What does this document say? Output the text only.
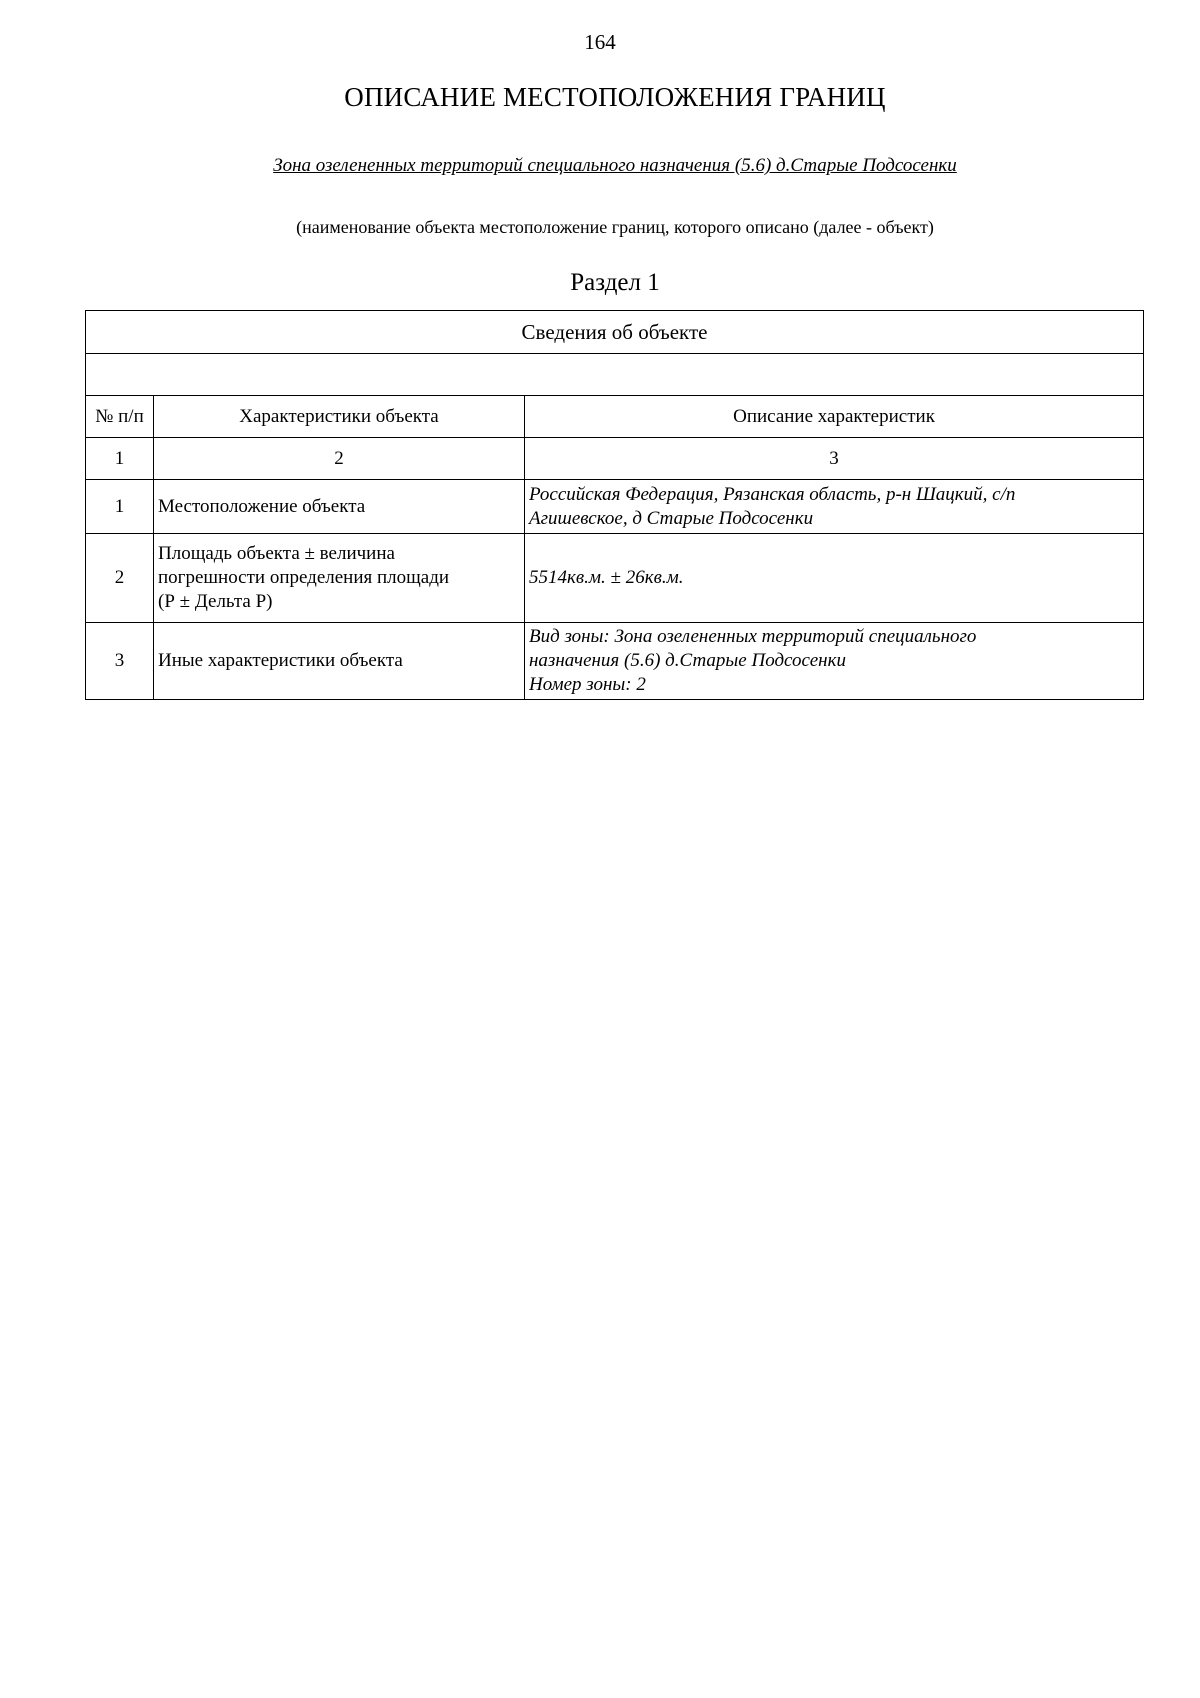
164
ОПИСАНИЕ МЕСТОПОЛОЖЕНИЯ ГРАНИЦ
Зона озелененных территорий специального назначения (5.6) д.Старые Подсосенки
(наименование объекта местоположение границ, которого описано (далее - объект)
Раздел 1
Сведения об объекте		

№ п/п	Характеристики объекта	Описание характеристик
1	2	3
1	Местоположение объекта	Российская Федерация, Рязанская область, р-н Шацкий, с/п
Агишевское, д Старые Подсосенки

2	Площадь объекта ± величина
погрешности определения площади
(Р ± Дельта Р)	5514кв.м. ± 26кв.м.
3	Иные характеристики объекта	Вид зоны: Зона озелененных территорий специального
назначения (5.6) д.Старые Подсосенки
Номер зоны: 2
